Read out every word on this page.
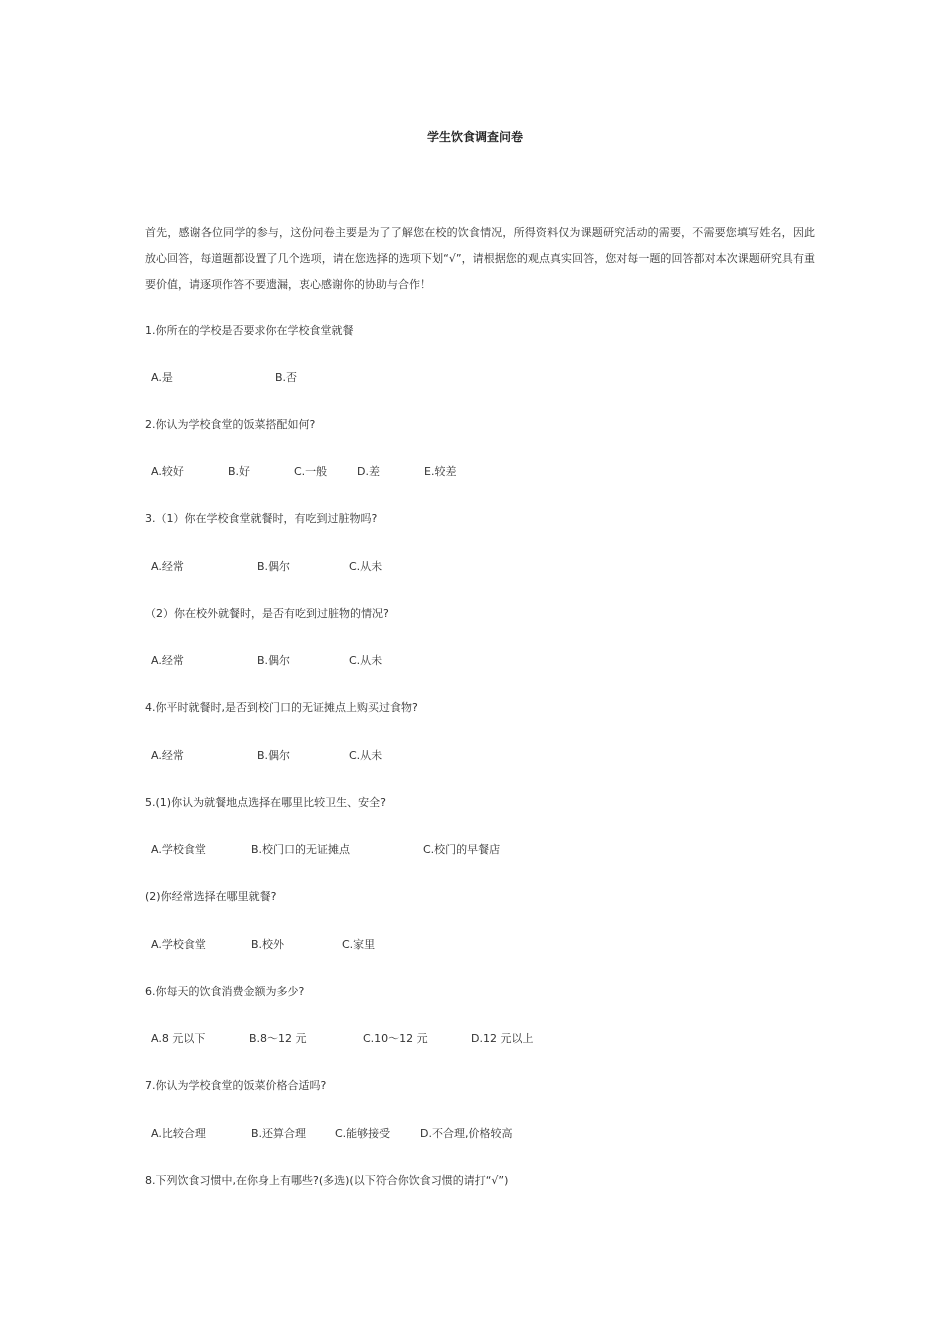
学生饮食调查问卷
首先，感谢各位同学的参与，这份问卷主要是为了了解您在校的饮食情况，所得资料仅为课题研究活动的需要，不需要您填写姓名，因此放心回答，每道题都设置了几个选项，请在您选择的选项下划“√”，请根据您的观点真实回答，您对每一题的回答都对本次课题研究具有重要价值，请逐项作答不要遗漏，衷心感谢你的协助与合作！
1.你所在的学校是否要求你在学校食堂就餐
A.是	B.否
2.你认为学校食堂的饭菜搭配如何?
A.较好	B.好	C.一般	D.差	E.较差
3.（1）你在学校食堂就餐时，有吃到过脏物吗?
A.经常	B.偶尔	C.从未
（2）你在校外就餐时，是否有吃到过脏物的情况?
A.经常	B.偶尔	C.从未
4.你平时就餐时,是否到校门口的无证摊点上购买过食物?
A.经常	B.偶尔	C.从未
5.(1)你认为就餐地点选择在哪里比较卫生、安全?
A.学校食堂	B.校门口的无证摊点	C.校门的早餐店
(2)你经常选择在哪里就餐?
A.学校食堂	B.校外	C.家里
6.你每天的饮食消费金额为多少?
A.8 元以下	B.8～12 元	C.10～12 元	D.12 元以上
7.你认为学校食堂的饭菜价格合适吗?
A.比较合理	B.还算合理	C.能够接受	D.不合理,价格较高
8.下列饮食习惯中,在你身上有哪些?(多选)(以下符合你饮食习惯的请打“√”)
